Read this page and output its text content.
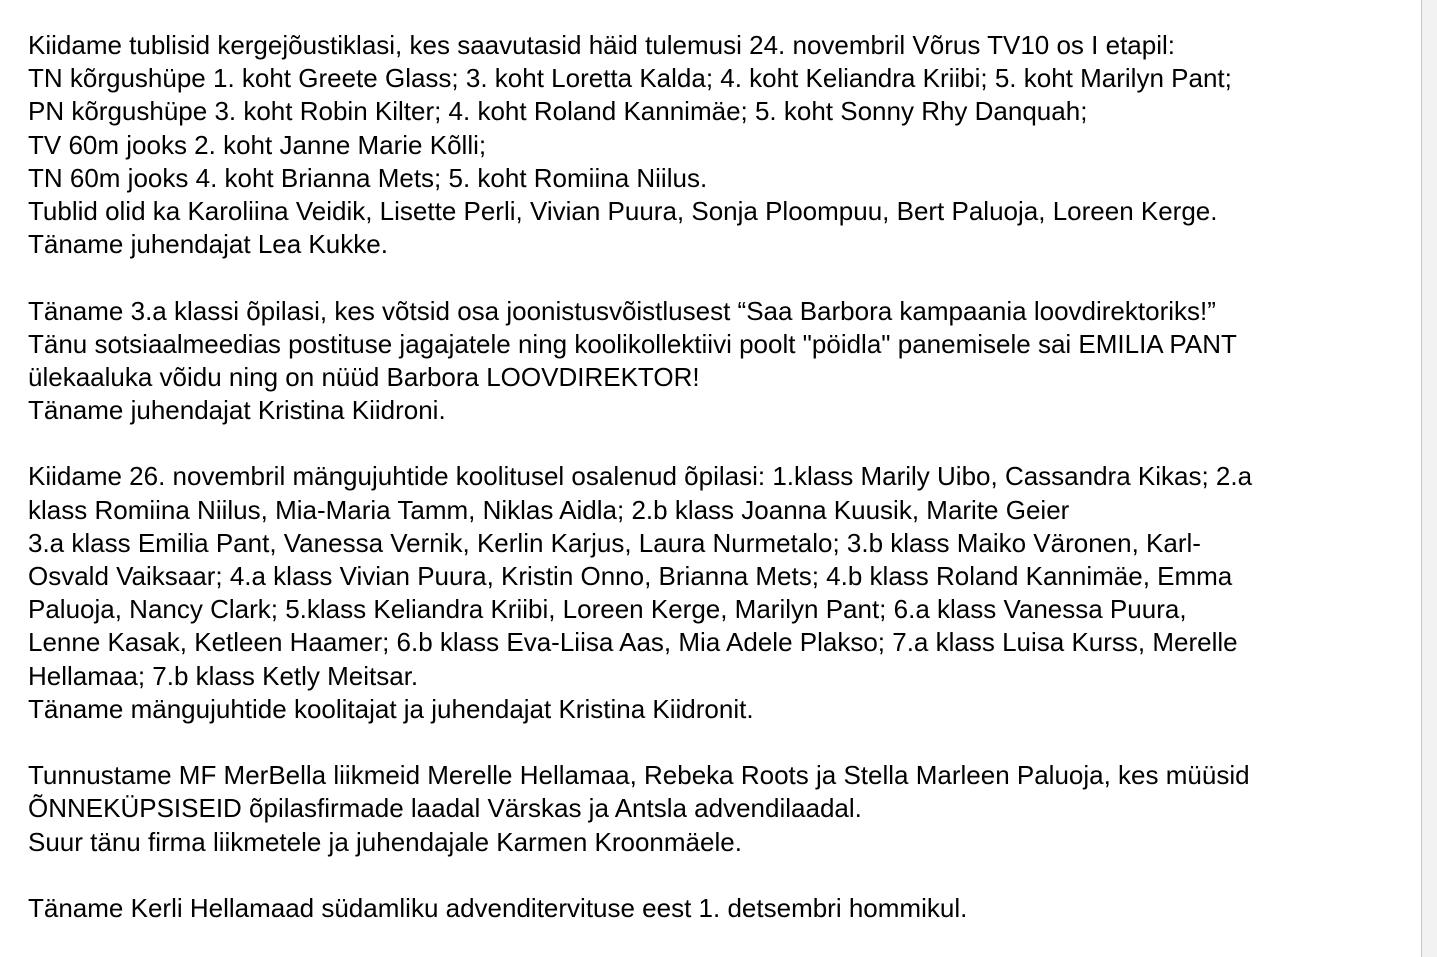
Kiidame tublisid kergejõustiklasi, kes saavutasid häid tulemusi 24. novembril Võrus TV10 os I etapil:
TN kõrgushüpe 1. koht Greete Glass; 3. koht Loretta Kalda; 4. koht Keliandra Kriibi; 5. koht Marilyn Pant;
PN kõrgushüpe 3. koht Robin Kilter; 4. koht Roland Kannimäe; 5. koht Sonny Rhy Danquah;
TV 60m jooks 2. koht Janne Marie Kõlli;
TN 60m jooks 4. koht Brianna Mets; 5. koht Romiina Niilus.
Tublid olid ka Karoliina Veidik, Lisette Perli, Vivian Puura, Sonja Ploompuu, Bert Paluoja, Loreen Kerge.
Täname juhendajat Lea Kukke.
Täname 3.a klassi õpilasi, kes võtsid osa joonistusvõistlusest “Saa Barbora kampaania loovdirektoriks!”
Tänu sotsiaalmeedias postituse jagajatele ning koolikollektiivi poolt "pöidla" panemisele sai EMILIA PANT
ülekaaluka võidu ning on nüüd Barbora LOOVDIREKTOR!
Täname juhendajat Kristina Kiidroni.
Kiidame 26. novembril mängujuhtide koolitusel osalenud õpilasi: 1.klass Marily Uibo, Cassandra Kikas; 2.a
klass Romiina Niilus, Mia-Maria Tamm, Niklas Aidla; 2.b klass Joanna Kuusik, Marite Geier
3.a klass Emilia Pant, Vanessa Vernik, Kerlin Karjus, Laura Nurmetalo; 3.b klass Maiko Väronen, Karl-
Osvald Vaiksaar; 4.a klass Vivian Puura, Kristin Onno, Brianna Mets; 4.b klass Roland Kannimäe, Emma
Paluoja, Nancy Clark; 5.klass Keliandra Kriibi, Loreen Kerge, Marilyn Pant; 6.a klass Vanessa Puura,
Lenne Kasak, Ketleen Haamer; 6.b klass Eva-Liisa Aas, Mia Adele Plakso; 7.a klass Luisa Kurss, Merelle
Hellamaa; 7.b klass Ketly Meitsar.
Täname mängujuhtide koolitajat ja juhendajat Kristina Kiidronit.
Tunnustame MF MerBella liikmeid Merelle Hellamaa, Rebeka Roots ja Stella Marleen Paluoja, kes müüsid
ÕNNEKÜPSISEID õpilasfirmade laadal Värskas ja Antsla advendilaadal.
Suur tänu firma liikmetele ja juhendajale Karmen Kroonmäele.
Täname Kerli Hellamaad südamliku advenditervituse eest 1. detsembri hommikul.
